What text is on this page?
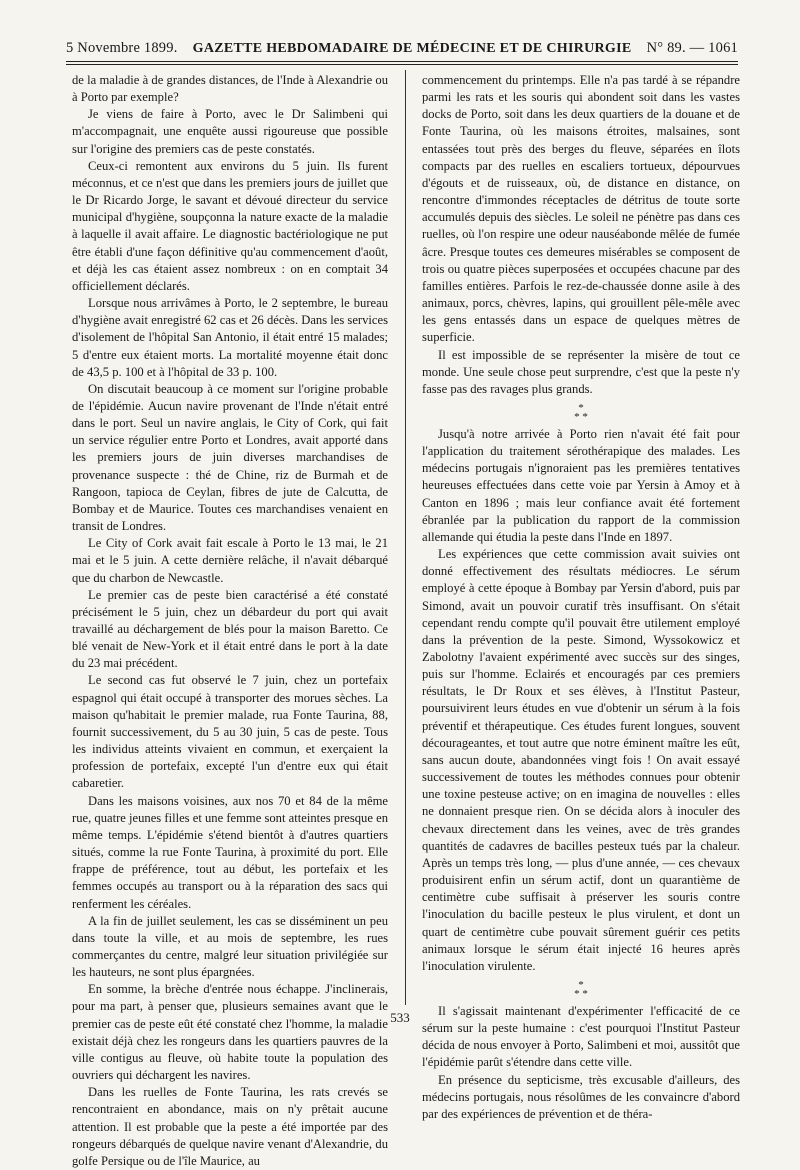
5 Novembre 1899. GAZETTE HEBDOMADAIRE DE MÉDECINE ET DE CHIRURGIE N° 89. — 1061

de la maladie à de grandes distances, de l'Inde à Alexandrie ou à Porto par exemple?

Je viens de faire à Porto, avec le Dr Salimbeni qui m'accompagnait, une enquête aussi rigoureuse que possible sur l'origine des premiers cas de peste constatés.

Ceux-ci remontent aux environs du 5 juin. Ils furent méconnus, et ce n'est que dans les premiers jours de juillet que le Dr Ricardo Jorge, le savant et dévoué directeur du service municipal d'hygiène, soupçonna la nature exacte de la maladie à laquelle il avait affaire. Le diagnostic bactériologique ne put être établi d'une façon définitive qu'au commencement d'août, et déjà les cas étaient assez nombreux : on en comptait 34 officiellement déclarés.

Lorsque nous arrivâmes à Porto, le 2 septembre, le bureau d'hygiène avait enregistré 62 cas et 26 décès. Dans les services d'isolement de l'hôpital San Antonio, il était entré 15 malades; 5 d'entre eux étaient morts. La mortalité moyenne était donc de 43,5 p. 100 et à l'hôpital de 33 p. 100.

On discutait beaucoup à ce moment sur l'origine probable de l'épidémie. Aucun navire provenant de l'Inde n'était entré dans le port. Seul un navire anglais, le City of Cork, qui fait un service régulier entre Porto et Londres, avait apporté dans les premiers jours de juin diverses marchandises de provenance suspecte : thé de Chine, riz de Burmah et de Rangoon, tapioca de Ceylan, fibres de jute de Calcutta, de Bombay et de Maurice. Toutes ces marchandises venaient en transit de Londres.

Le City of Cork avait fait escale à Porto le 13 mai, le 21 mai et le 5 juin. A cette dernière relâche, il n'avait débarqué que du charbon de Newcastle.

Le premier cas de peste bien caractérisé a été constaté précisément le 5 juin, chez un débardeur du port qui avait travaillé au déchargement de blés pour la maison Baretto. Ce blé venait de New-York et il était entré dans le port à la date du 23 mai précédent.

Le second cas fut observé le 7 juin, chez un portefaix espagnol qui était occupé à transporter des morues sèches. La maison qu'habitait le premier malade, rua Fonte Taurina, 88, fournit successivement, du 5 au 30 juin, 5 cas de peste. Tous les individus atteints vivaient en commun, et exerçaient la profession de portefaix, excepté l'un d'entre eux qui était cabaretier.

Dans les maisons voisines, aux nos 70 et 84 de la même rue, quatre jeunes filles et une femme sont atteintes presque en même temps. L'épidémie s'étend bientôt à d'autres quartiers situés, comme la rue Fonte Taurina, à proximité du port. Elle frappe de préférence, tout au début, les portefaix et les femmes occupés au transport ou à la réparation des sacs qui renferment les céréales.

A la fin de juillet seulement, les cas se disséminent un peu dans toute la ville, et au mois de septembre, les rues commerçantes du centre, malgré leur situation privilégiée sur les hauteurs, ne sont plus épargnées.

En somme, la brèche d'entrée nous échappe. J'inclinerais, pour ma part, à penser que, plusieurs semaines avant que le premier cas de peste eût été constaté chez l'homme, la maladie existait déjà chez les rongeurs dans les quartiers pauvres de la ville contigus au fleuve, où habite toute la population des ouvriers qui déchargent les navires.

Dans les ruelles de Fonte Taurina, les rats crevés se rencontraient en abondance, mais on n'y prêtait aucune attention. Il est probable que la peste a été importée par des rongeurs débarqués de quelque navire venant d'Alexandrie, du golfe Persique ou de l'île Maurice, au

commencement du printemps. Elle n'a pas tardé à se répandre parmi les rats et les souris qui abondent soit dans les vastes docks de Porto, soit dans les deux quartiers de la douane et de Fonte Taurina, où les maisons étroites, malsaines, sont entassées tout près des berges du fleuve, séparées en îlots compacts par des ruelles en escaliers tortueux, dépourvues d'égouts et de ruisseaux, où, de distance en distance, on rencontre d'immondes réceptacles de détritus de toute sorte accumulés depuis des siècles. Le soleil ne pénètre pas dans ces ruelles, où l'on respire une odeur nauséabonde mêlée de fumée âcre. Presque toutes ces demeures misérables se composent de trois ou quatre pièces superposées et occupées chacune par des familles entières. Parfois le rez-de-chaussée donne asile à des animaux, porcs, chèvres, lapins, qui grouillent pêle-mêle avec les gens entassés dans un espace de quelques mètres de superficie.

Il est impossible de se représenter la misère de tout ce monde. Une seule chose peut surprendre, c'est que la peste n'y fasse pas des ravages plus grands.

*
* *

Jusqu'à notre arrivée à Porto rien n'avait été fait pour l'application du traitement sérothérapique des malades. Les médecins portugais n'ignoraient pas les premières tentatives heureuses effectuées dans cette voie par Yersin à Amoy et à Canton en 1896 ; mais leur confiance avait été fortement ébranlée par la publication du rapport de la commission allemande qui étudia la peste dans l'Inde en 1897.

Les expériences que cette commission avait suivies ont donné effectivement des résultats médiocres. Le sérum employé à cette époque à Bombay par Yersin d'abord, puis par Simond, avait un pouvoir curatif très insuffisant. On s'était cependant rendu compte qu'il pouvait être utilement employé dans la prévention de la peste. Simond, Wyssokowicz et Zabolotny l'avaient expérimenté avec succès sur des singes, puis sur l'homme. Eclairés et encouragés par ces premiers résultats, le Dr Roux et ses élèves, à l'Institut Pasteur, poursuivirent leurs études en vue d'obtenir un sérum à la fois préventif et thérapeutique. Ces études furent longues, souvent décourageantes, et tout autre que notre éminent maître les eût, sans aucun doute, abandonnées vingt fois ! On avait essayé successivement de toutes les méthodes connues pour obtenir une toxine pesteuse active; on en imagina de nouvelles : elles ne donnaient presque rien. On se décida alors à inoculer des chevaux directement dans les veines, avec de très grandes quantités de cadavres de bacilles pesteux tués par la chaleur. Après un temps très long, — plus d'une année, — ces chevaux produisirent enfin un sérum actif, dont un quarantième de centimètre cube suffisait à préserver les souris contre l'inoculation du bacille pesteux le plus virulent, et dont un quart de centimètre cube pouvait sûrement guérir ces petits animaux lorsque le sérum était injecté 16 heures après l'inoculation virulente.

*
* *

Il s'agissait maintenant d'expérimenter l'efficacité de ce sérum sur la peste humaine : c'est pourquoi l'Institut Pasteur décida de nous envoyer à Porto, Salimbeni et moi, aussitôt que l'épidémie parût s'étendre dans cette ville.

En présence du septicisme, très excusable d'ailleurs, des médecins portugais, nous résolûmes de les convaincre d'abord par des expériences de prévention et de théra-

533
